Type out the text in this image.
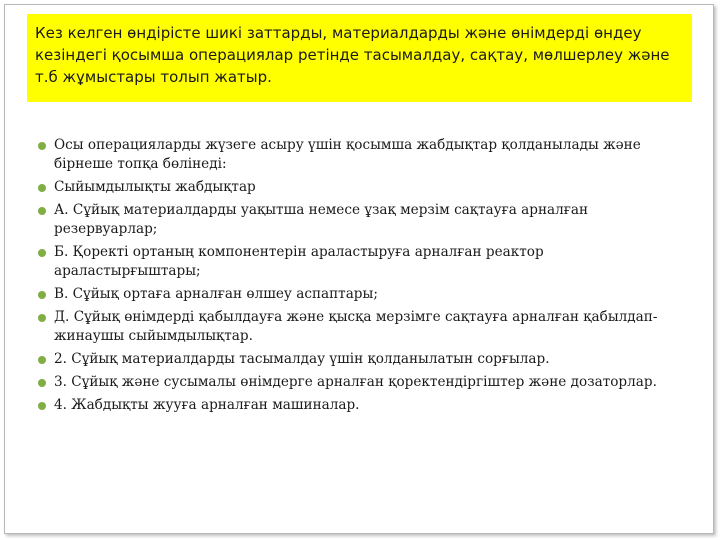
Кез келген өндірісте шикі заттарды, материалдарды және өнімдерді өндеу кезіндегі қосымша операциялар ретінде тасымалдау, сақтау, мөлшерлеу және т.б жұмыстары толып жатыр.

Осы операцияларды жүзеге асыру үшін қосымша жабдықтар қолданылады және бірнеше топқа бөлінеді:
Сыйымдылықты жабдықтар
А. Сұйық материалдарды уақытша немесе ұзақ мерзім сақтауға арналған резервуарлар;
Б. Қоректі ортаның компонентерін араластыруға арналған реактор араластырғыштары;
В. Сұйық ортаға арналған өлшеу аспаптары;
Д. Сұйық өнімдерді қабылдауға және қысқа мерзімге сақтауға арналған қабылдап-жинаушы сыйымдылықтар.
2. Сұйық материалдарды тасымалдау үшін қолданылатын сорғылар.
3. Сұйық және сусымалы өнімдерге арналған қоректендіргіштер және дозаторлар.
4. Жабдықты жууға арналған машиналар.
